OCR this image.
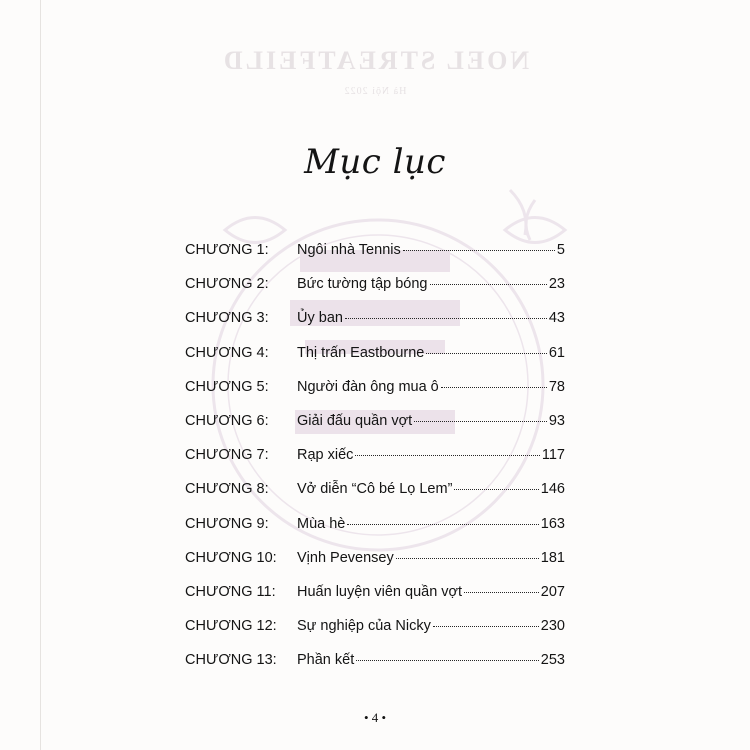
NOEL STREATFEILD
Hà Nội 2022
Mục lục
CHƯƠNG 1: Ngôi nhà Tennis	5
CHƯƠNG 2: Bức tường tập bóng	23
CHƯƠNG 3: Ủy ban	43
CHƯƠNG 4: Thị trấn Eastbourne	61
CHƯƠNG 5: Người đàn ông mua ô	78
CHƯƠNG 6: Giải đấu quần vợt	93
CHƯƠNG 7: Rạp xiếc	117
CHƯƠNG 8: Vở diễn “Cô bé Lọ Lem”	146
CHƯƠNG 9: Mùa hè	163
CHƯƠNG 10: Vịnh Pevensey	181
CHƯƠNG 11: Huấn luyện viên quần vợt	207
CHƯƠNG 12: Sự nghiệp của Nicky	230
CHƯƠNG 13: Phần kết	253
• 4 •
